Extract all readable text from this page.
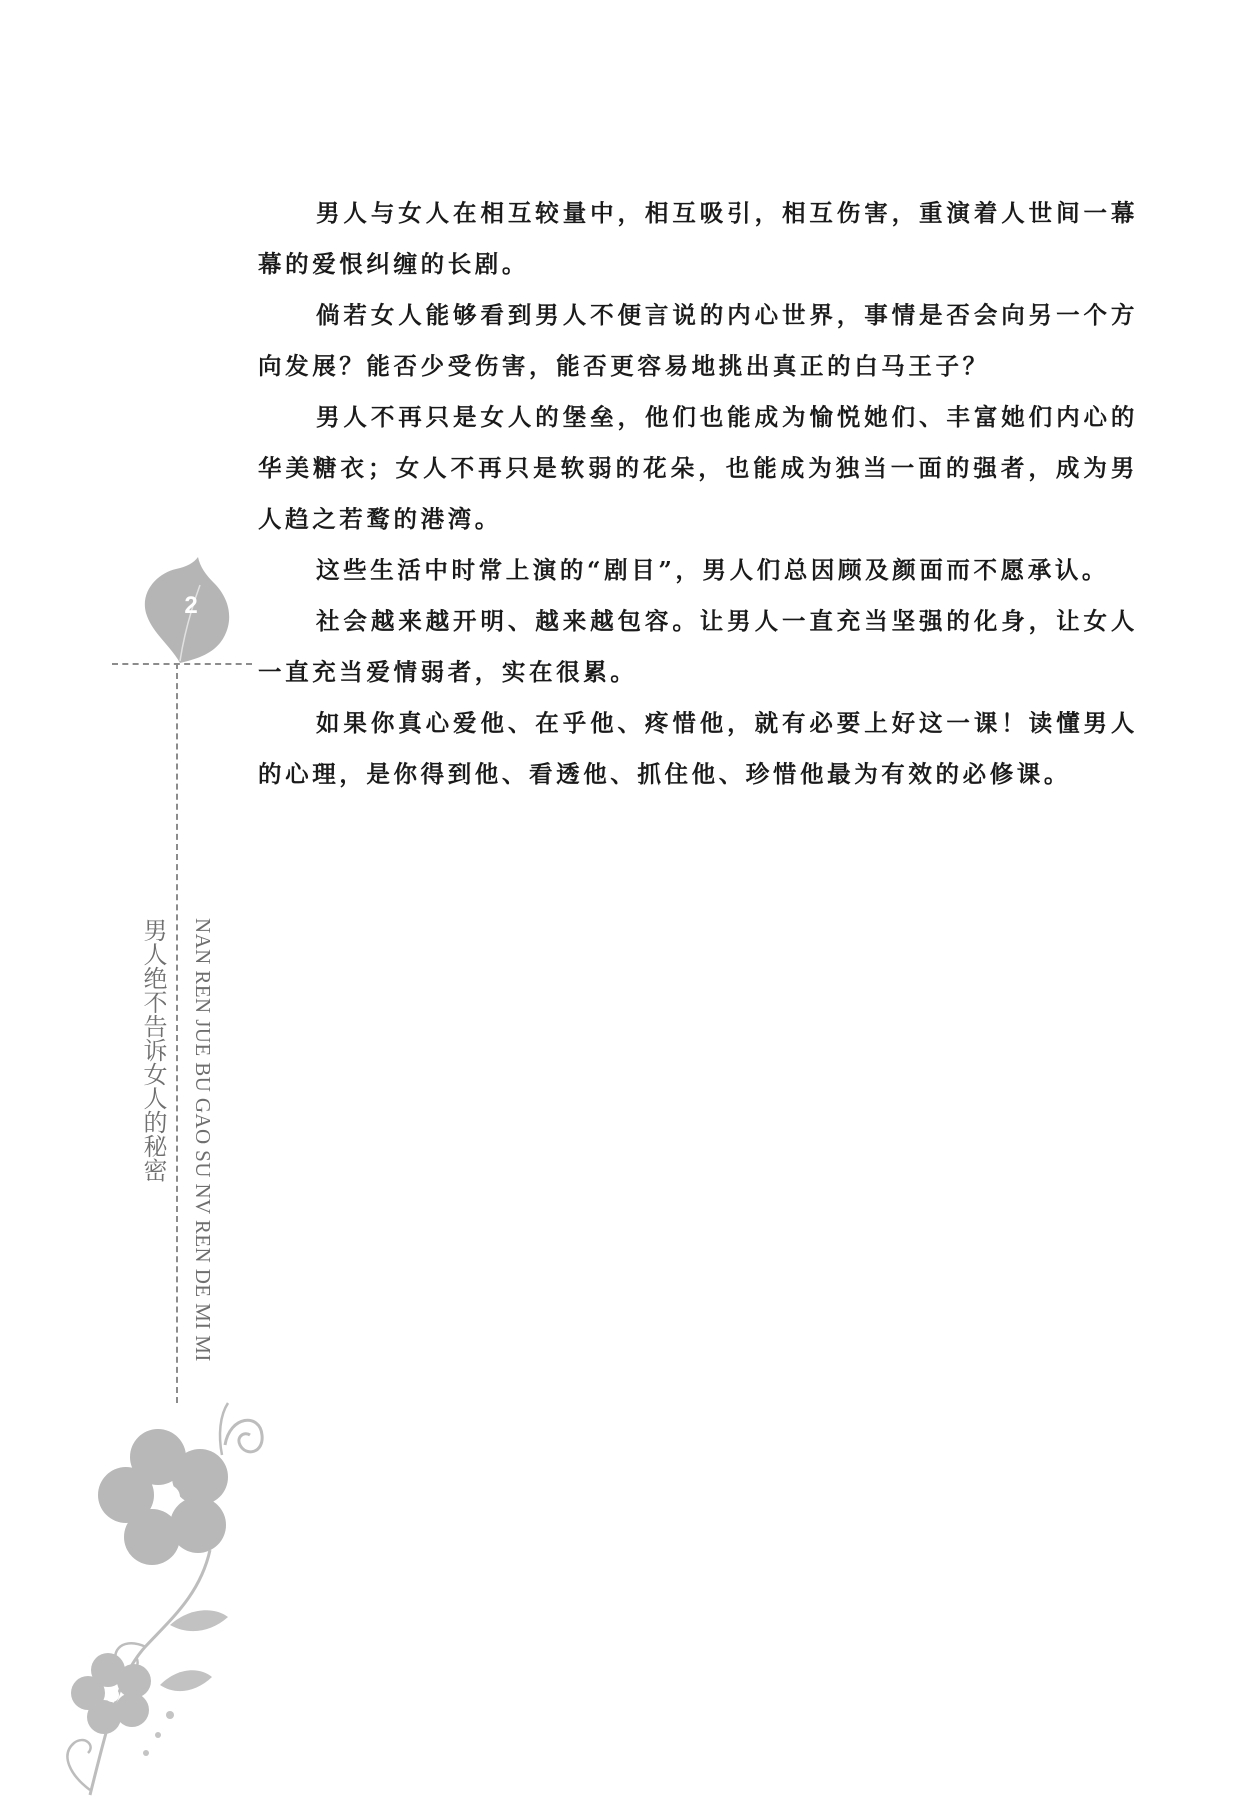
男人与女人在相互较量中，相互吸引，相互伤害，重演着人世间一幕幕的爱恨纠缠的长剧。

倘若女人能够看到男人不便言说的内心世界，事情是否会向另一个方向发展？能否少受伤害，能否更容易地挑出真正的白马王子？

男人不再只是女人的堡垒，他们也能成为愉悦她们、丰富她们内心的华美糖衣；女人不再只是软弱的花朵，也能成为独当一面的强者，成为男人趋之若鹜的港湾。

这些生活中时常上演的“剧目”，男人们总因顾及颜面而不愿承认。

社会越来越开明、越来越包容。让男人一直充当坚强的化身，让女人一直充当爱情弱者，实在很累。

如果你真心爱他、在乎他、疼惜他，就有必要上好这一课！读懂男人的心理，是你得到他、看透他、抓住他、珍惜他最为有效的必修课。

2
男人绝不告诉女人的秘密	NAN REN JUE BU GAO SU NV REN DE MI MI
